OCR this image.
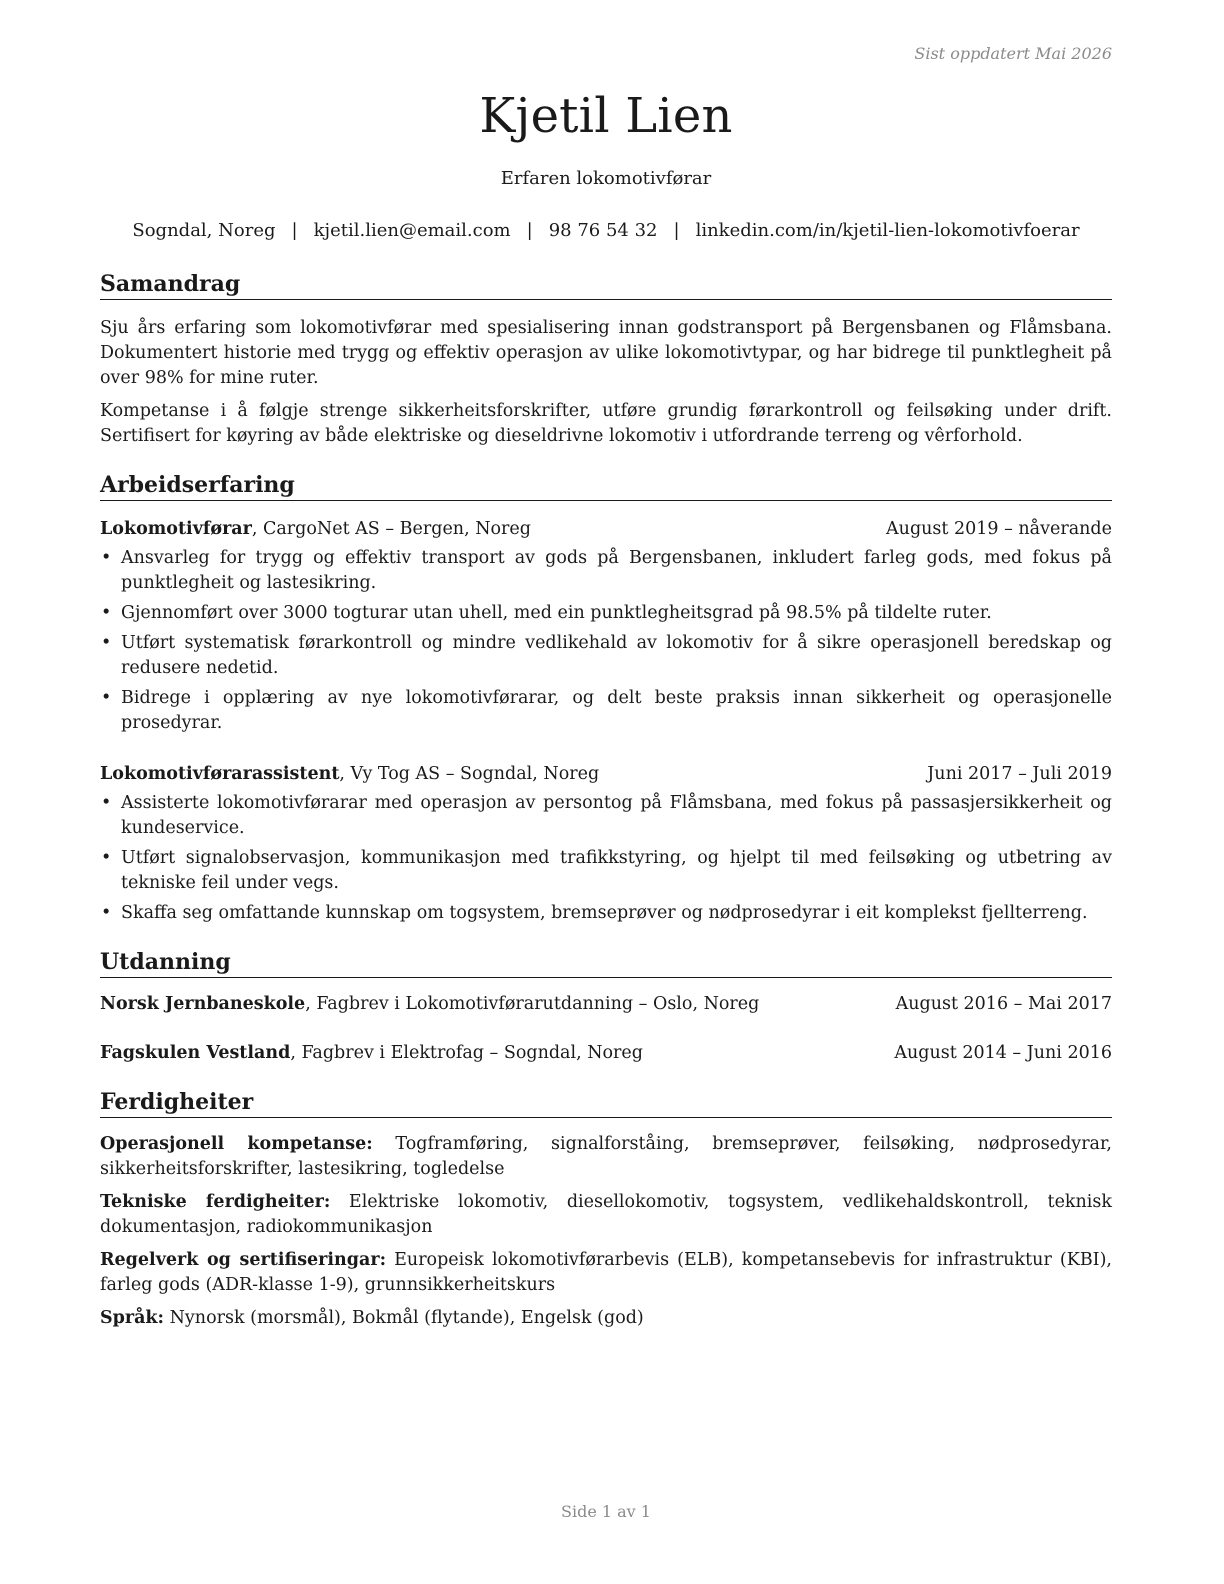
Sist oppdatert Mai 2026
Kjetil Lien
Erfaren lokomotivførar
Sogndal, Noreg | kjetil.lien@email.com | 98 76 54 32 | linkedin.com/in/kjetil-lien-lokomotivfoerar
Samandrag

Sju års erfaring som lokomotivførar med spesialisering innan godstransport på Bergensbanen og Flåmsbana. Dokumentert historie med trygg og effektiv operasjon av ulike lokomotivtypar, og har bidrege til punktlegheit på over 98% for mine ruter.

Kompetanse i å følgje strenge sikkerheitsforskrifter, utføre grundig førarkontroll og feilsøking under drift. Sertifisert for køyring av både elektriske og dieseldrivne lokomotiv i utfordrande terreng og vêrforhold.

Arbeidserfaring
Lokomotivførar, CargoNet AS – Bergen, Noreg	August 2019 – nåverande
• Ansvarleg for trygg og effektiv transport av gods på Bergensbanen, inkludert farleg gods, med fokus på punktlegheit og lastesikring.
• Gjennomført over 3000 togturar utan uhell, med ein punktlegheitsgrad på 98.5% på tildelte ruter.
• Utført systematisk førarkontroll og mindre vedlikehald av lokomotiv for å sikre operasjonell beredskap og redusere nedetid.
• Bidrege i opplæring av nye lokomotivførarar, og delt beste praksis innan sikkerheit og operasjonelle prosedyrar.
Lokomotivførarassistent, Vy Tog AS – Sogndal, Noreg	Juni 2017 – Juli 2019
• Assisterte lokomotivførarar med operasjon av persontog på Flåmsbana, med fokus på passasjersikkerheit og kundeservice.
• Utført signalobservasjon, kommunikasjon med trafikkstyring, og hjelpt til med feilsøking og utbetring av tekniske feil under vegs.
• Skaffa seg omfattande kunnskap om togsystem, bremseprøver og nødprosedyrar i eit komplekst fjellterreng.
Utdanning
Norsk Jernbaneskole, Fagbrev i Lokomotivførarutdanning – Oslo, Noreg	August 2016 – Mai 2017
Fagskulen Vestland, Fagbrev i Elektrofag – Sogndal, Noreg	August 2014 – Juni 2016
Ferdigheiter
Operasjonell kompetanse: Togframføring, signalforståing, bremseprøver, feilsøking, nødprosedyrar, sikkerheitsforskrifter, lastesikring, togledelse
Tekniske ferdigheiter: Elektriske lokomotiv, diesellokomotiv, togsystem, vedlikehaldskontroll, teknisk dokumentasjon, radiokommunikasjon
Regelverk og sertifiseringar: Europeisk lokomotivførarbevis (ELB), kompetansebevis for infrastruktur (KBI), farleg gods (ADR-klasse 1-9), grunnsikkerheitskurs
Språk: Nynorsk (morsmål), Bokmål (flytande), Engelsk (god)
Side 1 av 1
